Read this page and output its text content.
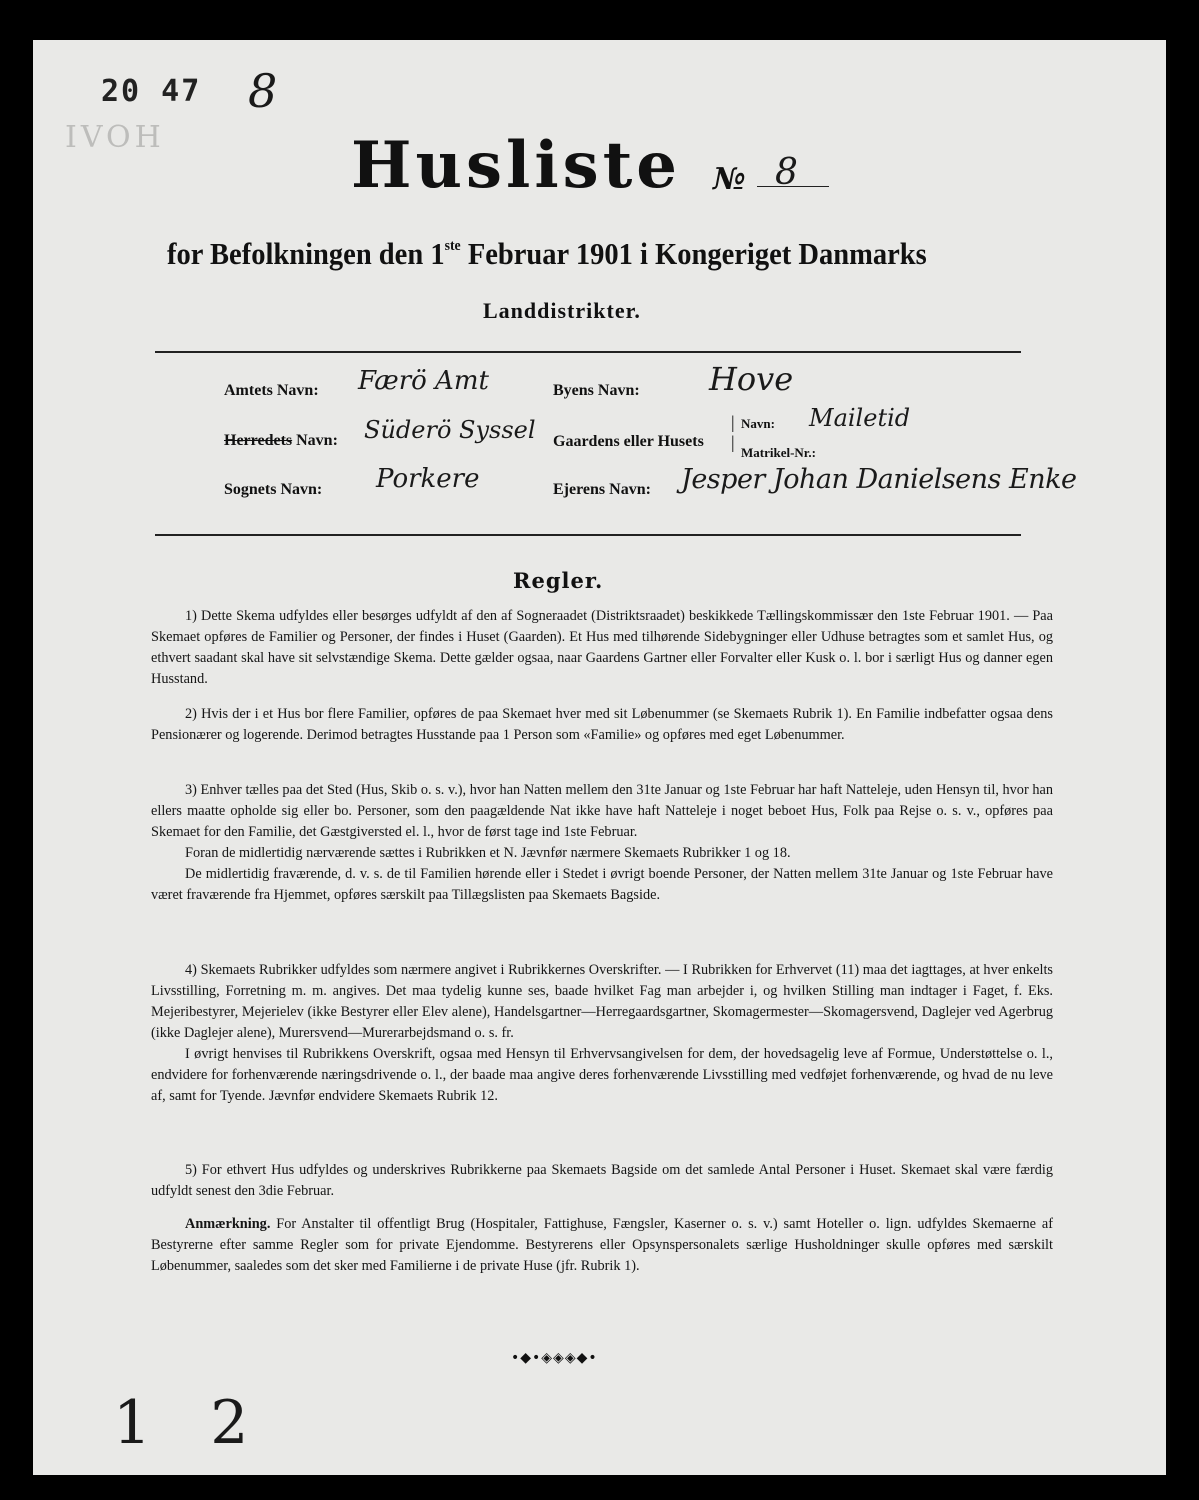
20 47 8
IVOH	Husliste № 8
for Befolkningen den 1ste Februar 1901 i Kongeriget Danmarks
Landdistrikter.
Amtets Navn: Færö Amt
Herredets Navn: Süderö Syssel
Sognets Navn: Porkere
Byens Navn: Hove
Gaardens eller Husets
|
|
Navn: Mailetid
Matrikel-Nr.:
Ejerens Navn: Jesper Johan Danielsens Enke
Regler.

1) Dette Skema udfyldes eller besørges udfyldt af den af Sogneraadet (Distriktsraadet) beskikkede Tællingskommissær den 1ste Februar 1901. — Paa Skemaet opføres de Familier og Personer, der findes i Huset (Gaarden). Et Hus med tilhørende Sidebygninger eller Udhuse betragtes som et samlet Hus, og ethvert saadant skal have sit selvstændige Skema. Dette gælder ogsaa, naar Gaardens Gartner eller Forvalter eller Kusk o. l. bor i særligt Hus og danner egen Husstand.

2) Hvis der i et Hus bor flere Familier, opføres de paa Skemaet hver med sit Løbenummer (se Skemaets Rubrik 1). En Familie indbefatter ogsaa dens Pensionærer og logerende. Derimod betragtes Husstande paa 1 Person som «Familie» og opføres med eget Løbenummer.

3) Enhver tælles paa det Sted (Hus, Skib o. s. v.), hvor han Natten mellem den 31te Januar og 1ste Februar har haft Natteleje, uden Hensyn til, hvor han ellers maatte opholde sig eller bo. Personer, som den paagældende Nat ikke have haft Natteleje i noget beboet Hus, Folk paa Rejse o. s. v., opføres paa Skemaet for den Familie, det Gæstgiversted el. l., hvor de først tage ind 1ste Februar.

Foran de midlertidig nærværende sættes i Rubrikken et N. Jævnfør nærmere Skemaets Rubrikker 1 og 18.

De midlertidig fraværende, d. v. s. de til Familien hørende eller i Stedet i øvrigt boende Personer, der Natten mellem 31te Januar og 1ste Februar have været fraværende fra Hjemmet, opføres særskilt paa Tillægslisten paa Skemaets Bagside.

4) Skemaets Rubrikker udfyldes som nærmere angivet i Rubrikkernes Overskrifter. — I Rubrikken for Erhvervet (11) maa det iagttages, at hver enkelts Livsstilling, Forretning m. m. angives. Det maa tydelig kunne ses, baade hvilket Fag man arbejder i, og hvilken Stilling man indtager i Faget, f. Eks. Mejeribestyrer, Mejerielev (ikke Bestyrer eller Elev alene), Handelsgartner—Herregaardsgartner, Skomagermester—Skomagersvend, Daglejer ved Agerbrug (ikke Daglejer alene), Murersvend—Murerarbejdsmand o. s. fr.

I øvrigt henvises til Rubrikkens Overskrift, ogsaa med Hensyn til Erhvervsangivelsen for dem, der hovedsagelig leve af Formue, Understøttelse o. l., endvidere for forhenværende næringsdrivende o. l., der baade maa angive deres forhenværende Livsstilling med vedføjet forhenværende, og hvad de nu leve af, samt for Tyende. Jævnfør endvidere Skemaets Rubrik 12.

5) For ethvert Hus udfyldes og underskrives Rubrikkerne paa Skemaets Bagside om det samlede Antal Personer i Huset. Skemaet skal være færdig udfyldt senest den 3die Februar.

Anmærkning. For Anstalter til offentligt Brug (Hospitaler, Fattighuse, Fængsler, Kaserner o. s. v.) samt Hoteller o. lign. udfyldes Skemaerne af Bestyrerne efter samme Regler som for private Ejendomme. Bestyrerens eller Opsynspersonalets særlige Husholdninger skulle opføres med særskilt Løbenummer, saaledes som det sker med Familierne i de private Huse (jfr. Rubrik 1).

•◆•◈◈◈◆•
1 2
